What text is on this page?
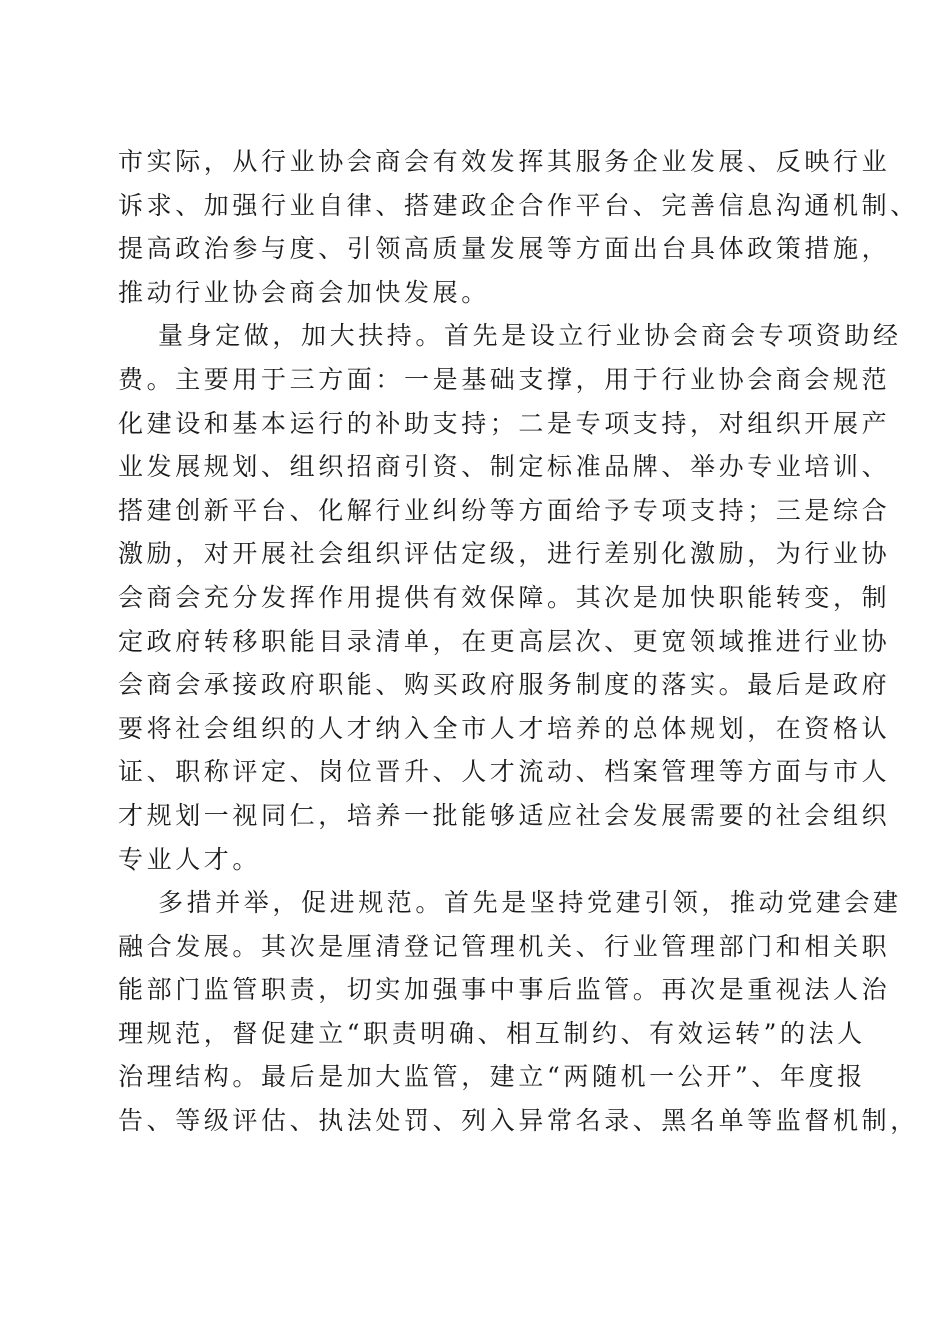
市实际，从行业协会商会有效发挥其服务企业发展、反映行业
诉求、加强行业自律、搭建政企合作平台、完善信息沟通机制、
提高政治参与度、引领高质量发展等方面出台具体政策措施，
推动行业协会商会加快发展。
量身定做，加大扶持。首先是设立行业协会商会专项资助经
费。主要用于三方面：一是基础支撑，用于行业协会商会规范
化建设和基本运行的补助支持；二是专项支持，对组织开展产
业发展规划、组织招商引资、制定标准品牌、举办专业培训、
搭建创新平台、化解行业纠纷等方面给予专项支持；三是综合
激励，对开展社会组织评估定级，进行差别化激励，为行业协
会商会充分发挥作用提供有效保障。其次是加快职能转变，制
定政府转移职能目录清单，在更高层次、更宽领域推进行业协
会商会承接政府职能、购买政府服务制度的落实。最后是政府
要将社会组织的人才纳入全市人才培养的总体规划，在资格认
证、职称评定、岗位晋升、人才流动、档案管理等方面与市人
才规划一视同仁，培养一批能够适应社会发展需要的社会组织
专业人才。
多措并举，促进规范。首先是坚持党建引领，推动党建会建
融合发展。其次是厘清登记管理机关、行业管理部门和相关职
能部门监管职责，切实加强事中事后监管。再次是重视法人治
理规范，督促建立“职责明确、相互制约、有效运转”的法人
治理结构。最后是加大监管，建立“两随机一公开”、年度报
告、等级评估、执法处罚、列入异常名录、黑名单等监督机制，
